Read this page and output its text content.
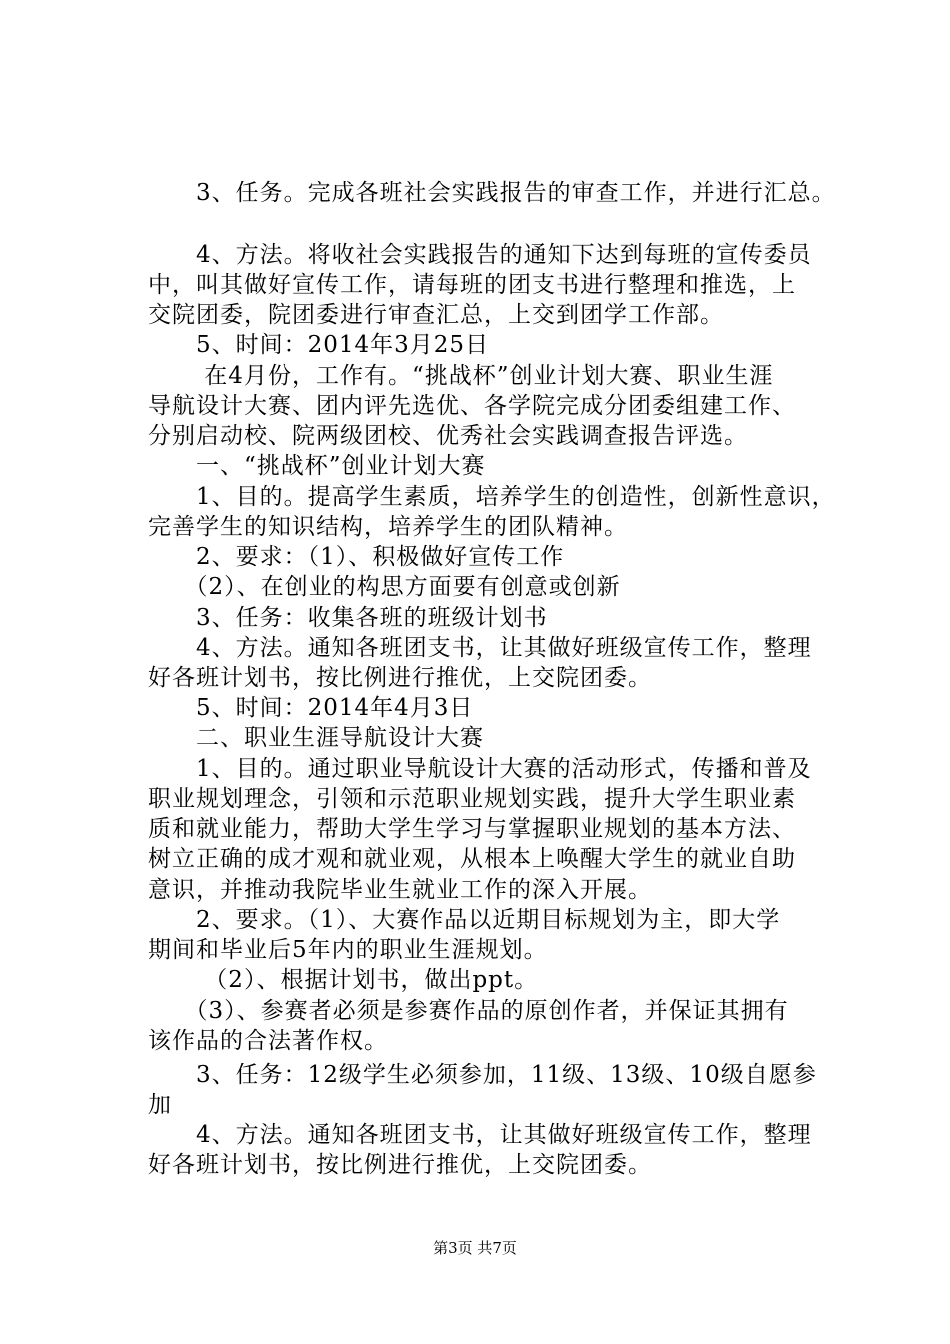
　　3、任务。完成各班社会实践报告的审查工作，并进行汇总。
　　4、方法。将收社会实践报告的通知下达到每班的宣传委员
中，叫其做好宣传工作，请每班的团支书进行整理和推选，上
交院团委，院团委进行审查汇总，上交到团学工作部。
　　5、时间：2014年3月25日
　　 在4月份，工作有。“挑战杯”创业计划大赛、职业生涯
导航设计大赛、团内评先选优、各学院完成分团委组建工作、
分别启动校、院两级团校、优秀社会实践调查报告评选。
　　一、“挑战杯”创业计划大赛
　　1、目的。提高学生素质，培养学生的创造性，创新性意识，
完善学生的知识结构，培养学生的团队精神。
　　2、要求：（1）、积极做好宣传工作
　　（2）、在创业的构思方面要有创意或创新
　　3、任务：收集各班的班级计划书
　　4、方法。通知各班团支书，让其做好班级宣传工作，整理
好各班计划书，按比例进行推优，上交院团委。
　　5、时间：2014年4月3日
　　二、职业生涯导航设计大赛
　　1、目的。通过职业导航设计大赛的活动形式，传播和普及
职业规划理念，引领和示范职业规划实践，提升大学生职业素
质和就业能力，帮助大学生学习与掌握职业规划的基本方法、
树立正确的成才观和就业观，从根本上唤醒大学生的就业自助
意识，并推动我院毕业生就业工作的深入开展。
　　2、要求。（1）、大赛作品以近期目标规划为主，即大学
期间和毕业后5年内的职业生涯规划。
　　 （2）、根据计划书，做出ppt。
　　（3）、参赛者必须是参赛作品的原创作者，并保证其拥有
该作品的合法著作权。
　　3、任务：12级学生必须参加，11级、13级、10级自愿参
加
　　4、方法。通知各班团支书，让其做好班级宣传工作，整理
好各班计划书，按比例进行推优，上交院团委。
第3页 共7页
